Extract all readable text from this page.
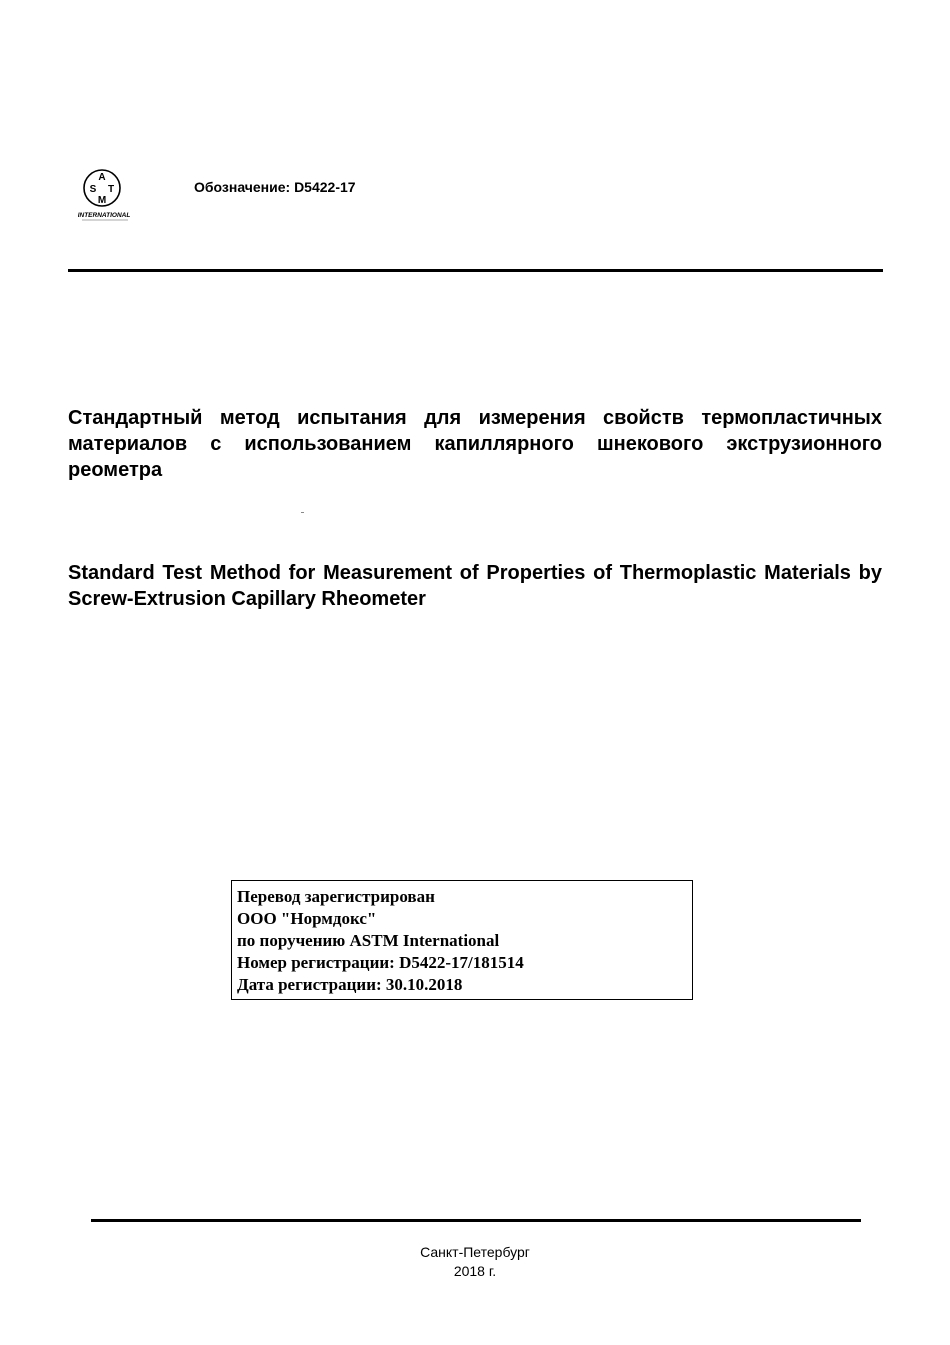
A
S T
M
INTERNATIONAL
Обозначение: D5422-17
Стандартный метод испытания для измерения свойств термопластичных материалов с использованием капиллярного шнекового экструзионного реометра
Standard Test Method for Measurement of Properties of Thermoplastic Materials by Screw-Extrusion Capillary Rheometer
Перевод зарегистрирован
ООО "Нормдокс"
по поручению ASTM International
Номер регистрации: D5422-17/181514
Дата регистрации: 30.10.2018
Санкт-Петербург
2018 г.
